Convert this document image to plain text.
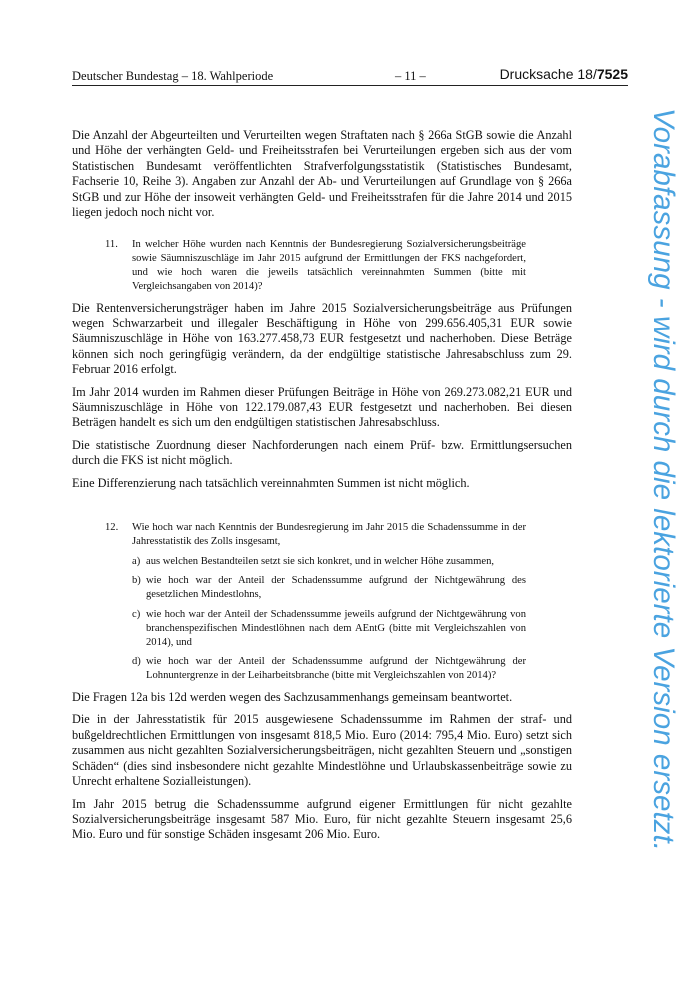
Deutscher Bundestag – 18. Wahlperiode	– 11 –	Drucksache 18/7525

Die Anzahl der Abgeurteilten und Verurteilten wegen Straftaten nach § 266a StGB sowie die Anzahl und Höhe der verhängten Geld- und Freiheitsstrafen bei Verurteilungen ergeben sich aus der vom Statistischen Bundesamt veröffentlichten Strafverfolgungsstatistik (Statistisches Bundesamt, Fachserie 10, Reihe 3). Angaben zur Anzahl der Ab- und Verurteilungen auf Grundlage von § 266a StGB und zur Höhe der insoweit verhängten Geld- und Freiheitsstrafen für die Jahre 2014 und 2015 liegen jedoch noch nicht vor.

11. In welcher Höhe wurden nach Kenntnis der Bundesregierung Sozialversicherungsbeiträge sowie Säumniszuschläge im Jahr 2015 aufgrund der Ermittlungen der FKS nachgefordert, und wie hoch waren die jeweils tatsächlich vereinnahmten Summen (bitte mit Vergleichsangaben von 2014)?

Die Rentenversicherungsträger haben im Jahre 2015 Sozialversicherungsbeiträge aus Prüfungen wegen Schwarzarbeit und illegaler Beschäftigung in Höhe von 299.656.405,31 EUR sowie Säumniszuschläge in Höhe von 163.277.458,73 EUR festgesetzt und nacherhoben. Diese Beträge können sich noch geringfügig verändern, da der endgültige statistische Jahresabschluss zum 29. Februar 2016 erfolgt.

Im Jahr 2014 wurden im Rahmen dieser Prüfungen Beiträge in Höhe von 269.273.082,21 EUR und Säumniszuschläge in Höhe von 122.179.087,43 EUR festgesetzt und nacherhoben. Bei diesen Beträgen handelt es sich um den endgültigen statistischen Jahresabschluss.

Die statistische Zuordnung dieser Nachforderungen nach einem Prüf- bzw. Ermittlungsersuchen durch die FKS ist nicht möglich.

Eine Differenzierung nach tatsächlich vereinnahmten Summen ist nicht möglich.

12. Wie hoch war nach Kenntnis der Bundesregierung im Jahr 2015 die Schadenssumme in der Jahresstatistik des Zolls insgesamt,
a) aus welchen Bestandteilen setzt sie sich konkret, und in welcher Höhe zusammen,
b) wie hoch war der Anteil der Schadenssumme aufgrund der Nichtgewährung des gesetzlichen Mindestlohns,
c) wie hoch war der Anteil der Schadenssumme jeweils aufgrund der Nichtgewährung von branchenspezifischen Mindestlöhnen nach dem AEntG (bitte mit Vergleichszahlen von 2014), und
d) wie hoch war der Anteil der Schadenssumme aufgrund der Nichtgewährung der Lohnuntergrenze in der Leiharbeitsbranche (bitte mit Vergleichszahlen von 2014)?

Die Fragen 12a bis 12d werden wegen des Sachzusammenhangs gemeinsam beantwortet.

Die in der Jahresstatistik für 2015 ausgewiesene Schadenssumme im Rahmen der straf- und bußgeldrechtlichen Ermittlungen von insgesamt 818,5 Mio. Euro (2014: 795,4 Mio. Euro) setzt sich zusammen aus nicht gezahlten Sozialversicherungsbeiträgen, nicht gezahlten Steuern und „sonstigen Schäden“ (dies sind insbesondere nicht gezahlte Mindestlöhne und Urlaubskassenbeiträge sowie zu Unrecht erhaltene Sozialleistungen).

Im Jahr 2015 betrug die Schadenssumme aufgrund eigener Ermittlungen für nicht gezahlte Sozialversicherungsbeiträge insgesamt 587 Mio. Euro, für nicht gezahlte Steuern insgesamt 25,6 Mio. Euro und für sonstige Schäden insgesamt 206 Mio. Euro.	Vorabfassung - wird durch die lektorierte Version ersetzt.
